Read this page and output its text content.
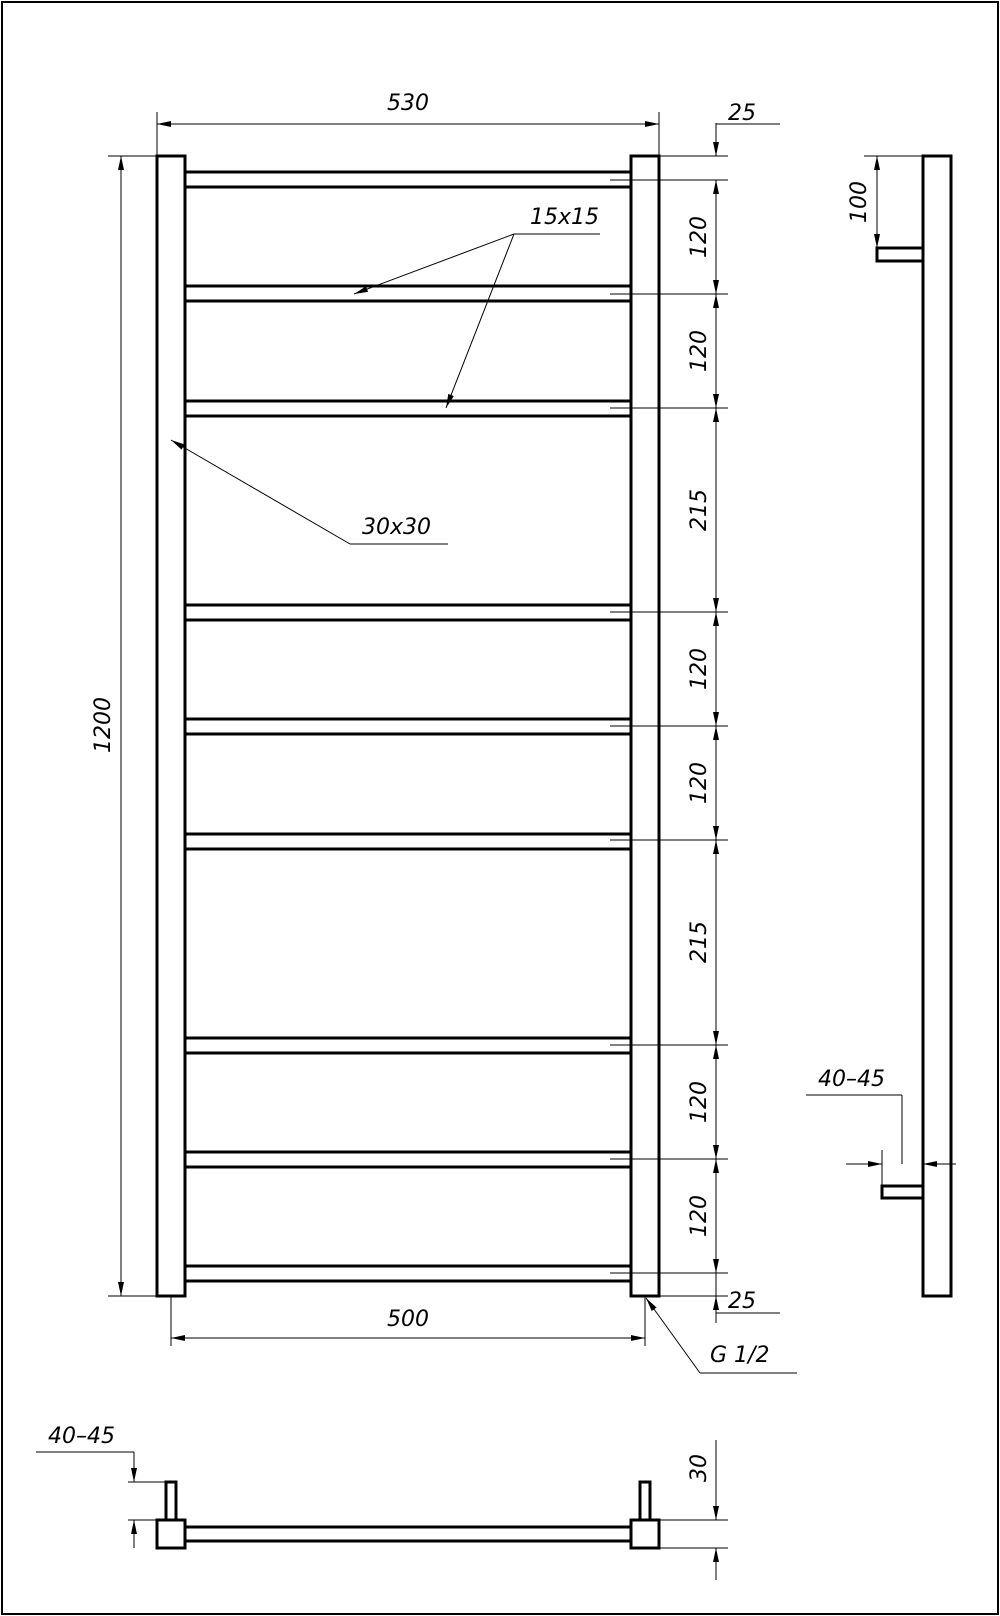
530
1200
500
25
25
120
120
215
120
120
215
120
120
15x15
30x30
G 1/2
100
40–45
40–45
30
